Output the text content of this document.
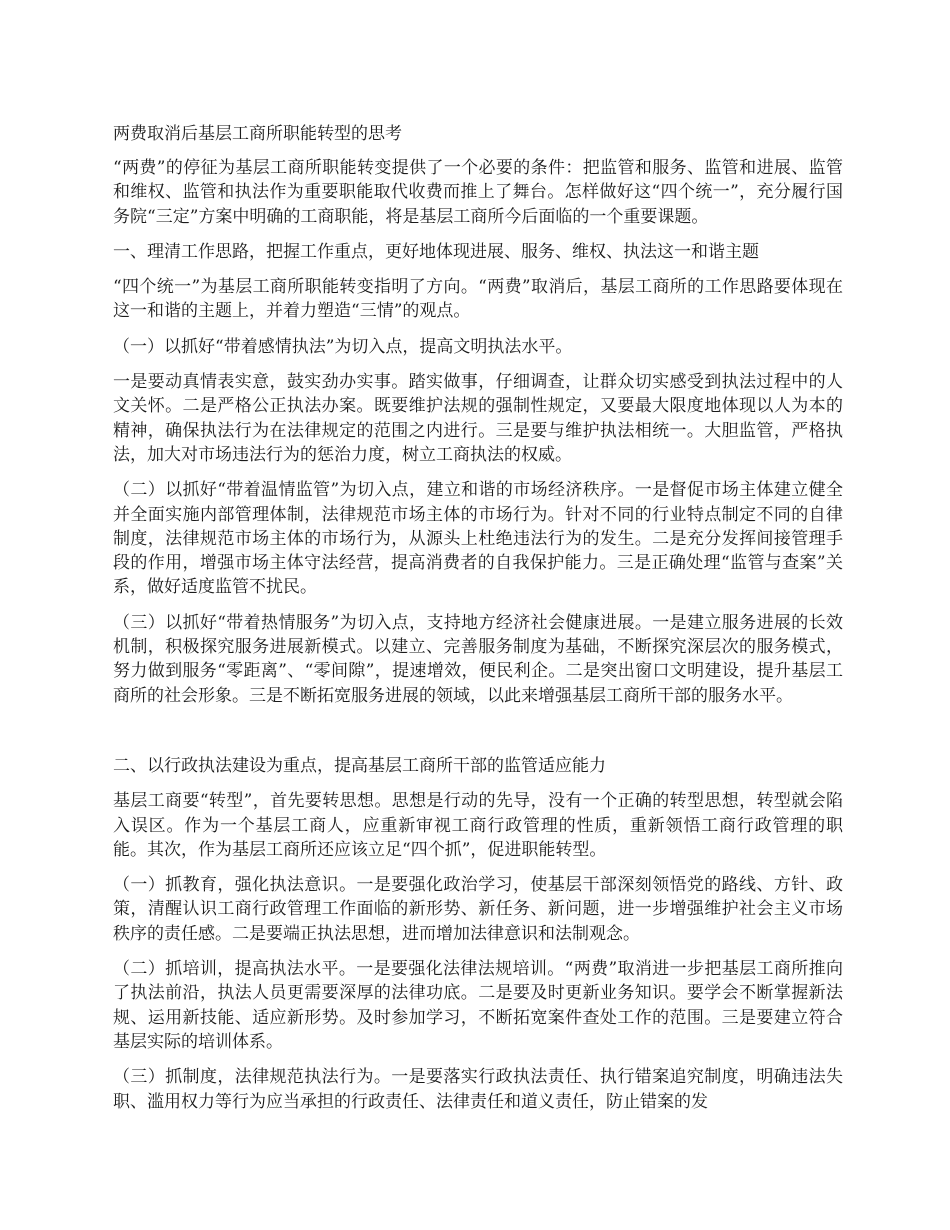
两费取消后基层工商所职能转型的思考

“两费”的停征为基层工商所职能转变提供了一个必要的条件：把监管和服务、监管和进展、监管和维权、监管和执法作为重要职能取代收费而推上了舞台。怎样做好这“四个统一”，充分履行国务院“三定”方案中明确的工商职能，将是基层工商所今后面临的一个重要课题。

一、理清工作思路，把握工作重点，更好地体现进展、服务、维权、执法这一和谐主题

“四个统一”为基层工商所职能转变指明了方向。“两费”取消后，基层工商所的工作思路要体现在这一和谐的主题上，并着力塑造“三情”的观点。

（一）以抓好“带着感情执法”为切入点，提高文明执法水平。

一是要动真情表实意，鼓实劲办实事。踏实做事，仔细调查，让群众切实感受到执法过程中的人文关怀。二是严格公正执法办案。既要维护法规的强制性规定，又要最大限度地体现以人为本的精神，确保执法行为在法律规定的范围之内进行。三是要与维护执法相统一。大胆监管，严格执法，加大对市场违法行为的惩治力度，树立工商执法的权威。

（二）以抓好“带着温情监管”为切入点，建立和谐的市场经济秩序。一是督促市场主体建立健全并全面实施内部管理体制，法律规范市场主体的市场行为。针对不同的行业特点制定不同的自律制度，法律规范市场主体的市场行为，从源头上杜绝违法行为的发生。二是充分发挥间接管理手段的作用，增强市场主体守法经营，提高消费者的自我保护能力。三是正确处理“监管与查案”关系，做好适度监管不扰民。

（三）以抓好“带着热情服务”为切入点，支持地方经济社会健康进展。一是建立服务进展的长效机制，积极探究服务进展新模式。以建立、完善服务制度为基础，不断探究深层次的服务模式，努力做到服务“零距离”、“零间隙”，提速增效，便民利企。二是突出窗口文明建设，提升基层工商所的社会形象。三是不断拓宽服务进展的领域，以此来增强基层工商所干部的服务水平。

二、以行政执法建设为重点，提高基层工商所干部的监管适应能力

基层工商要“转型”，首先要转思想。思想是行动的先导，没有一个正确的转型思想，转型就会陷入误区。作为一个基层工商人，应重新审视工商行政管理的性质，重新领悟工商行政管理的职能。其次，作为基层工商所还应该立足“四个抓”，促进职能转型。

（一）抓教育，强化执法意识。一是要强化政治学习，使基层干部深刻领悟党的路线、方针、政策，清醒认识工商行政管理工作面临的新形势、新任务、新问题，进一步增强维护社会主义市场秩序的责任感。二是要端正执法思想，进而增加法律意识和法制观念。

（二）抓培训，提高执法水平。一是要强化法律法规培训。“两费”取消进一步把基层工商所推向了执法前沿，执法人员更需要深厚的法律功底。二是要及时更新业务知识。要学会不断掌握新法规、运用新技能、适应新形势。及时参加学习，不断拓宽案件查处工作的范围。三是要建立符合基层实际的培训体系。

（三）抓制度，法律规范执法行为。一是要落实行政执法责任、执行错案追究制度，明确违法失职、滥用权力等行为应当承担的行政责任、法律责任和道义责任，防止错案的发
